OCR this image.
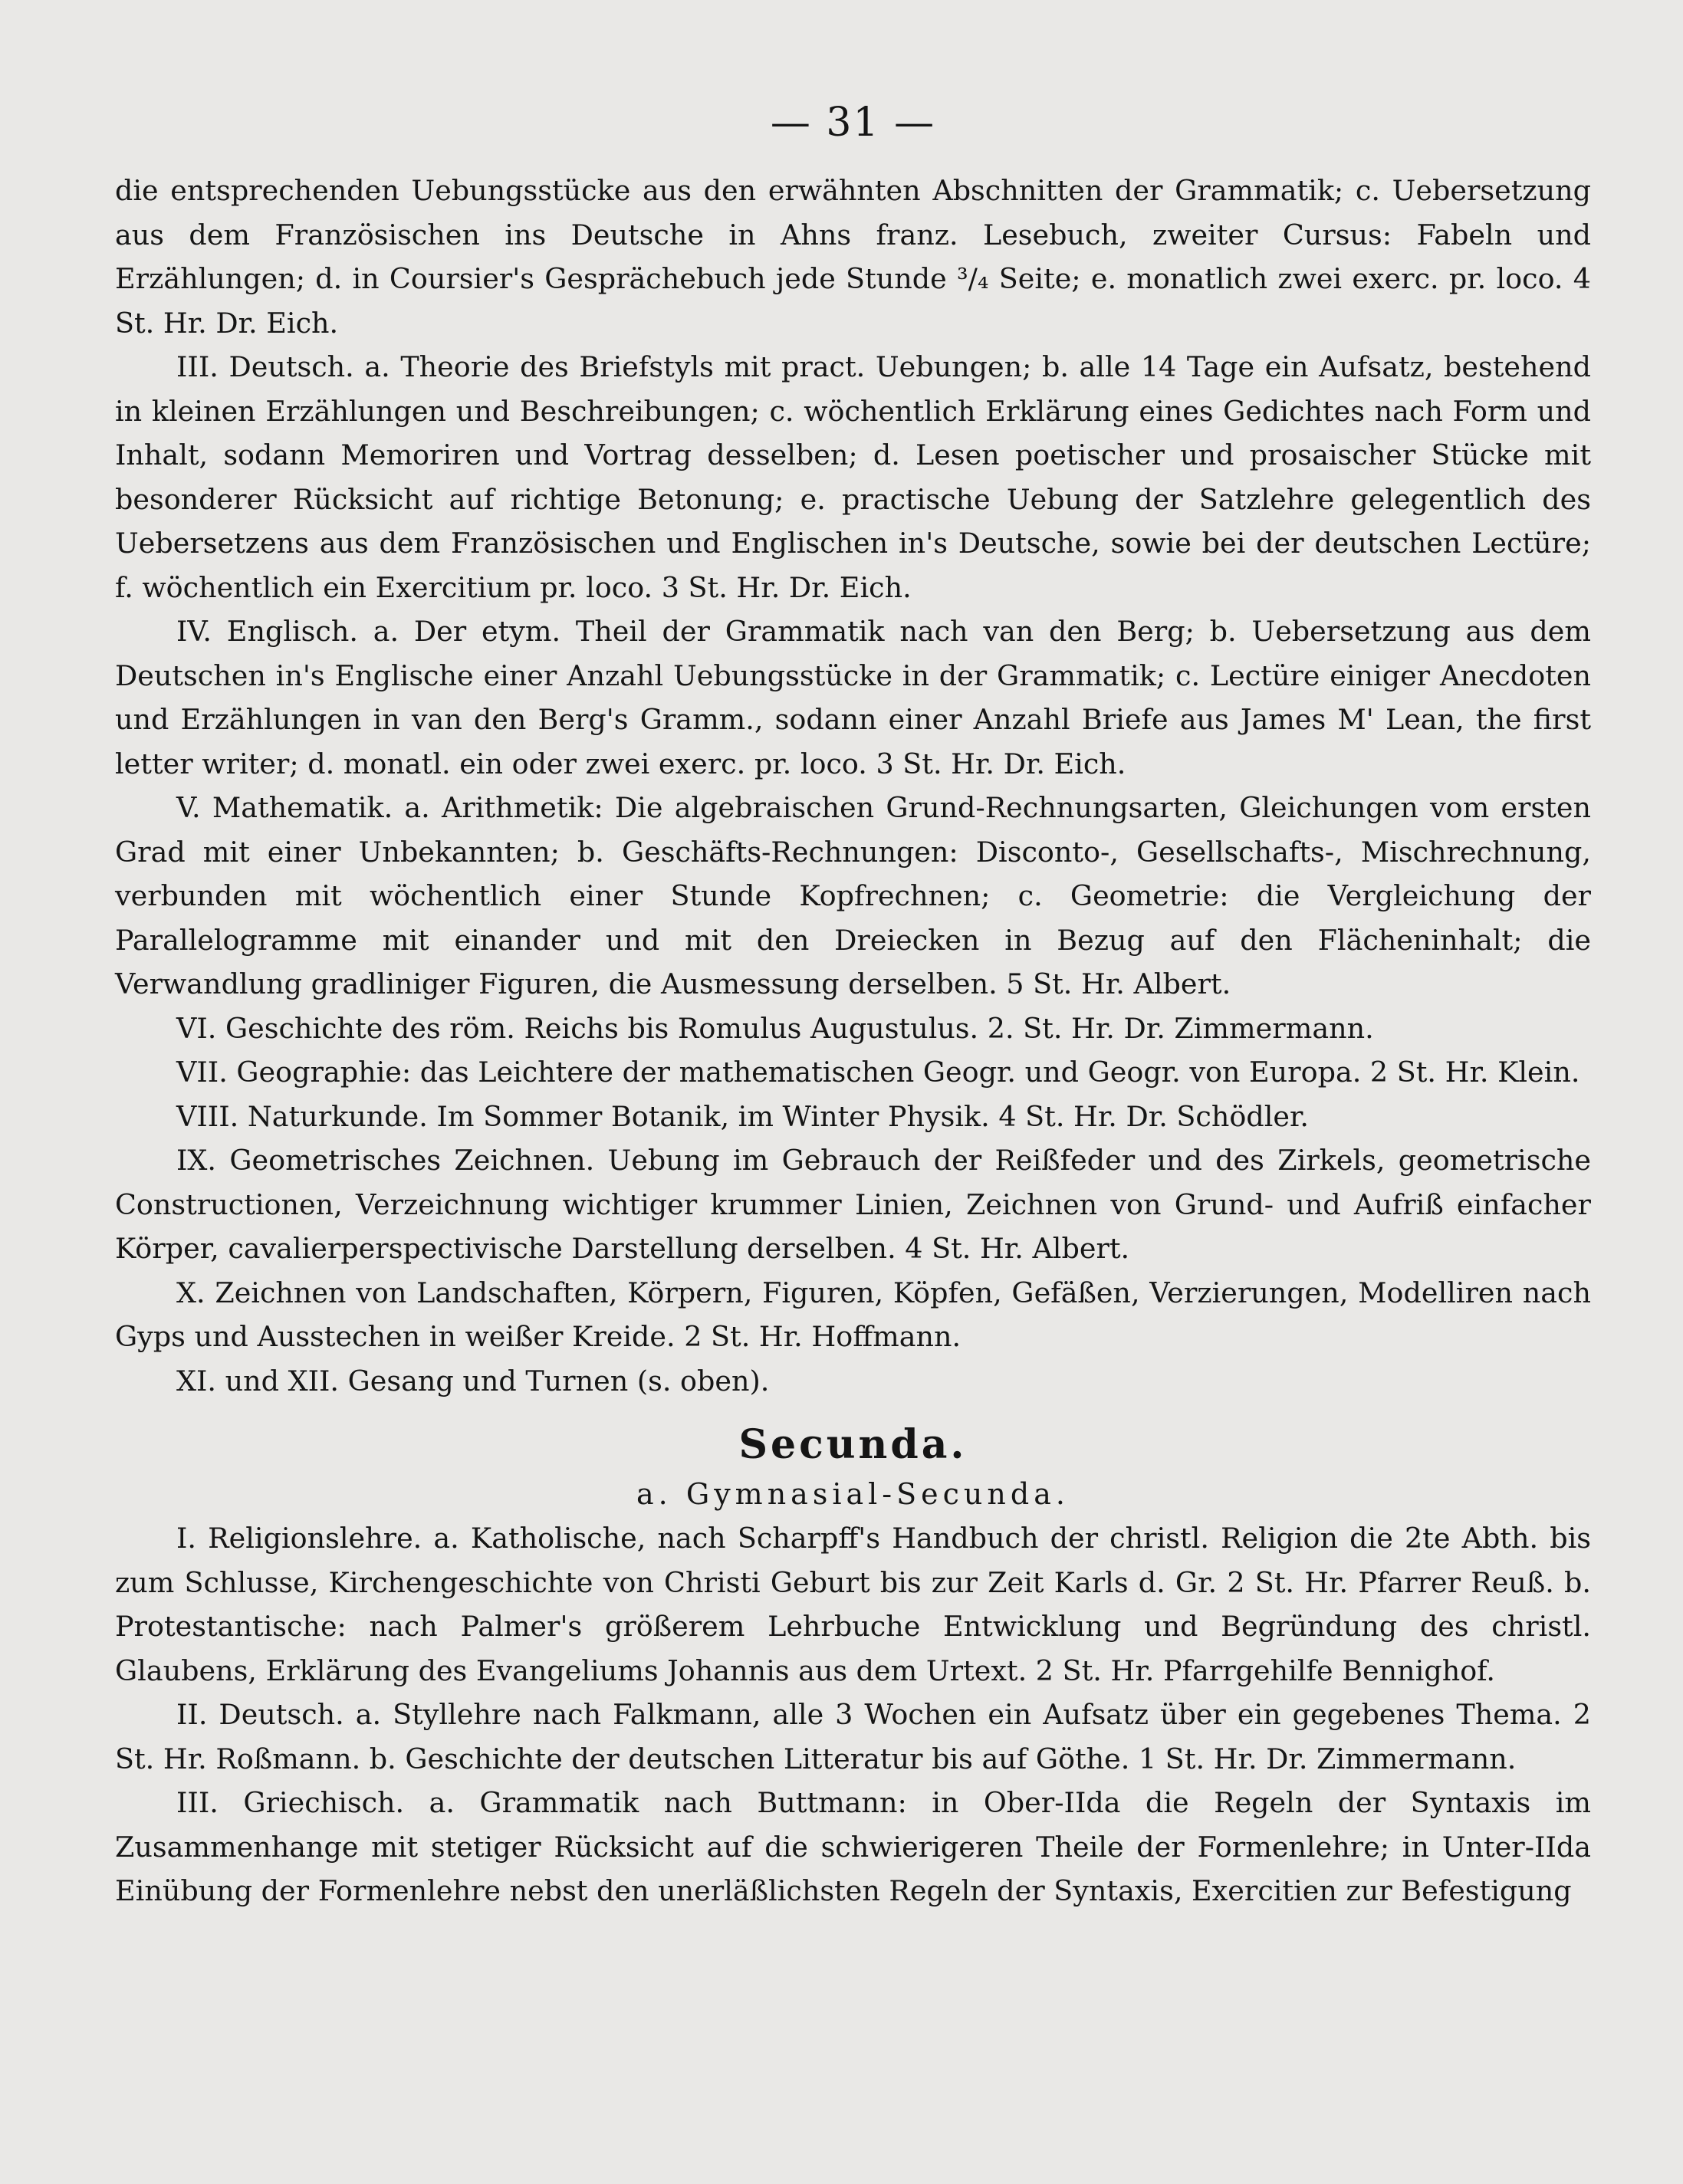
— 31 —

die entsprechenden Uebungsstücke aus den erwähnten Abschnitten der Grammatik; c. Uebersetzung aus dem Französischen ins Deutsche in Ahns franz. Lesebuch, zweiter Cursus: Fabeln und Erzählungen; d. in Coursier's Gesprächebuch jede Stunde ³/₄ Seite; e. monatlich zwei exerc. pr. loco. 4 St. Hr. Dr. Eich.

III. Deutsch. a. Theorie des Briefstyls mit pract. Uebungen; b. alle 14 Tage ein Aufsatz, bestehend in kleinen Erzählungen und Beschreibungen; c. wöchentlich Erklärung eines Gedichtes nach Form und Inhalt, sodann Memoriren und Vortrag desselben; d. Lesen poetischer und prosaischer Stücke mit besonderer Rücksicht auf richtige Betonung; e. practische Uebung der Satzlehre gelegentlich des Uebersetzens aus dem Französischen und Englischen in's Deutsche, sowie bei der deutschen Lectüre; f. wöchentlich ein Exercitium pr. loco. 3 St. Hr. Dr. Eich.

IV. Englisch. a. Der etym. Theil der Grammatik nach van den Berg; b. Uebersetzung aus dem Deutschen in's Englische einer Anzahl Uebungsstücke in der Grammatik; c. Lectüre einiger Anecdoten und Erzählungen in van den Berg's Gramm., sodann einer Anzahl Briefe aus James M' Lean, the first letter writer; d. monatl. ein oder zwei exerc. pr. loco. 3 St. Hr. Dr. Eich.

V. Mathematik. a. Arithmetik: Die algebraischen Grund-Rechnungsarten, Gleichungen vom ersten Grad mit einer Unbekannten; b. Geschäfts-Rechnungen: Disconto-, Gesellschafts-, Mischrechnung, verbunden mit wöchentlich einer Stunde Kopfrechnen; c. Geometrie: die Vergleichung der Parallelogramme mit einander und mit den Dreiecken in Bezug auf den Flächeninhalt; die Verwandlung gradliniger Figuren, die Ausmessung derselben. 5 St. Hr. Albert.

VI. Geschichte des röm. Reichs bis Romulus Augustulus. 2. St. Hr. Dr. Zimmermann.

VII. Geographie: das Leichtere der mathematischen Geogr. und Geogr. von Europa. 2 St. Hr. Klein.

VIII. Naturkunde. Im Sommer Botanik, im Winter Physik. 4 St. Hr. Dr. Schödler.

IX. Geometrisches Zeichnen. Uebung im Gebrauch der Reißfeder und des Zirkels, geometrische Constructionen, Verzeichnung wichtiger krummer Linien, Zeichnen von Grund- und Aufriß einfacher Körper, cavalierperspectivische Darstellung derselben. 4 St. Hr. Albert.

X. Zeichnen von Landschaften, Körpern, Figuren, Köpfen, Gefäßen, Verzierungen, Modelliren nach Gyps und Ausstechen in weißer Kreide. 2 St. Hr. Hoffmann.

XI. und XII. Gesang und Turnen (s. oben).

Secunda.
a. Gymnasial-Secunda.

I. Religionslehre. a. Katholische, nach Scharpff's Handbuch der christl. Religion die 2te Abth. bis zum Schlusse, Kirchengeschichte von Christi Geburt bis zur Zeit Karls d. Gr. 2 St. Hr. Pfarrer Reuß. b. Protestantische: nach Palmer's größerem Lehrbuche Entwicklung und Begründung des christl. Glaubens, Erklärung des Evangeliums Johannis aus dem Urtext. 2 St. Hr. Pfarrgehilfe Bennighof.

II. Deutsch. a. Styllehre nach Falkmann, alle 3 Wochen ein Aufsatz über ein gegebenes Thema. 2 St. Hr. Roßmann. b. Geschichte der deutschen Litteratur bis auf Göthe. 1 St. Hr. Dr. Zimmermann.

III. Griechisch. a. Grammatik nach Buttmann: in Ober-IIda die Regeln der Syntaxis im Zusammenhange mit stetiger Rücksicht auf die schwierigeren Theile der Formenlehre; in Unter-IIda Einübung der Formenlehre nebst den unerläßlichsten Regeln der Syntaxis, Exercitien zur Befestigung
